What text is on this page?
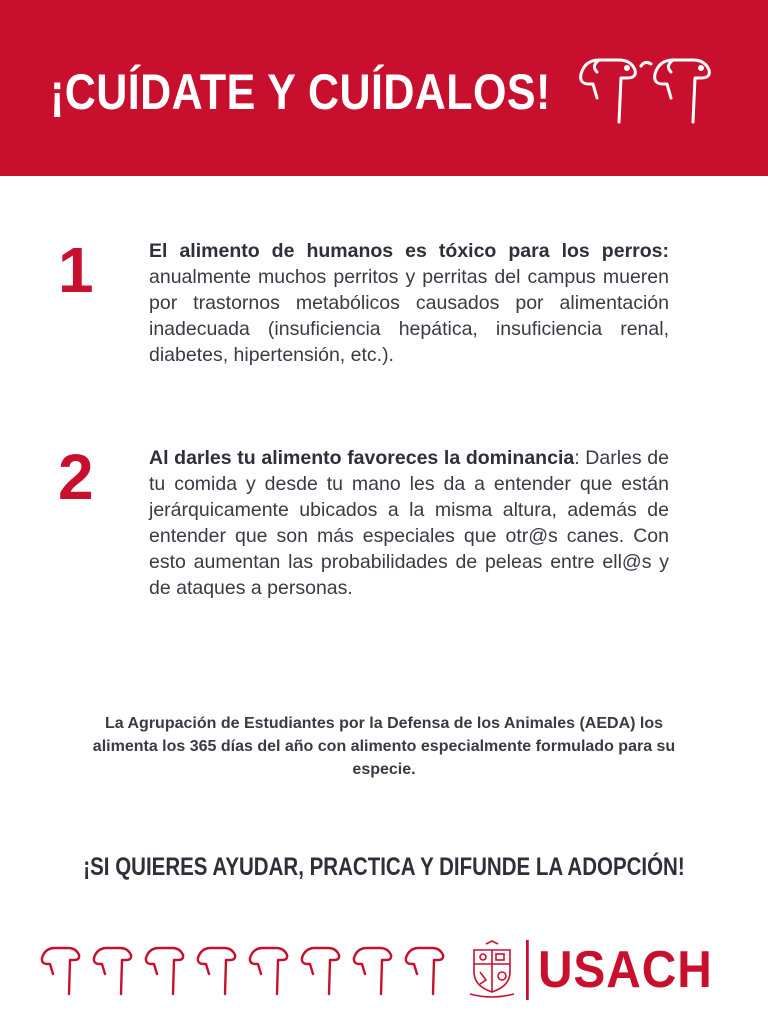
¡CUÍDATE Y CUÍDALOS!
1	El alimento de humanos es tóxico para los perros: anualmente muchos perritos y perritas del campus mueren por trastornos metabólicos causados por alimentación inadecuada (insuficiencia hepática, insuficiencia renal, diabetes, hipertensión, etc.).

2	Al darles tu alimento favoreces la dominancia: Darles de tu comida y desde tu mano les da a entender que están jerárquicamente ubicados a la misma altura, además de entender que son más especiales que otr@s canes. Con esto aumentan las probabilidades de peleas entre ell@s y de ataques a personas.

La Agrupación de Estudiantes por la Defensa de los Animales (AEDA) los alimenta los 365 días del año con alimento especialmente formulado para su especie.

¡SI QUIERES AYUDAR, PRACTICA Y DIFUNDE LA ADOPCIÓN!

USACH
